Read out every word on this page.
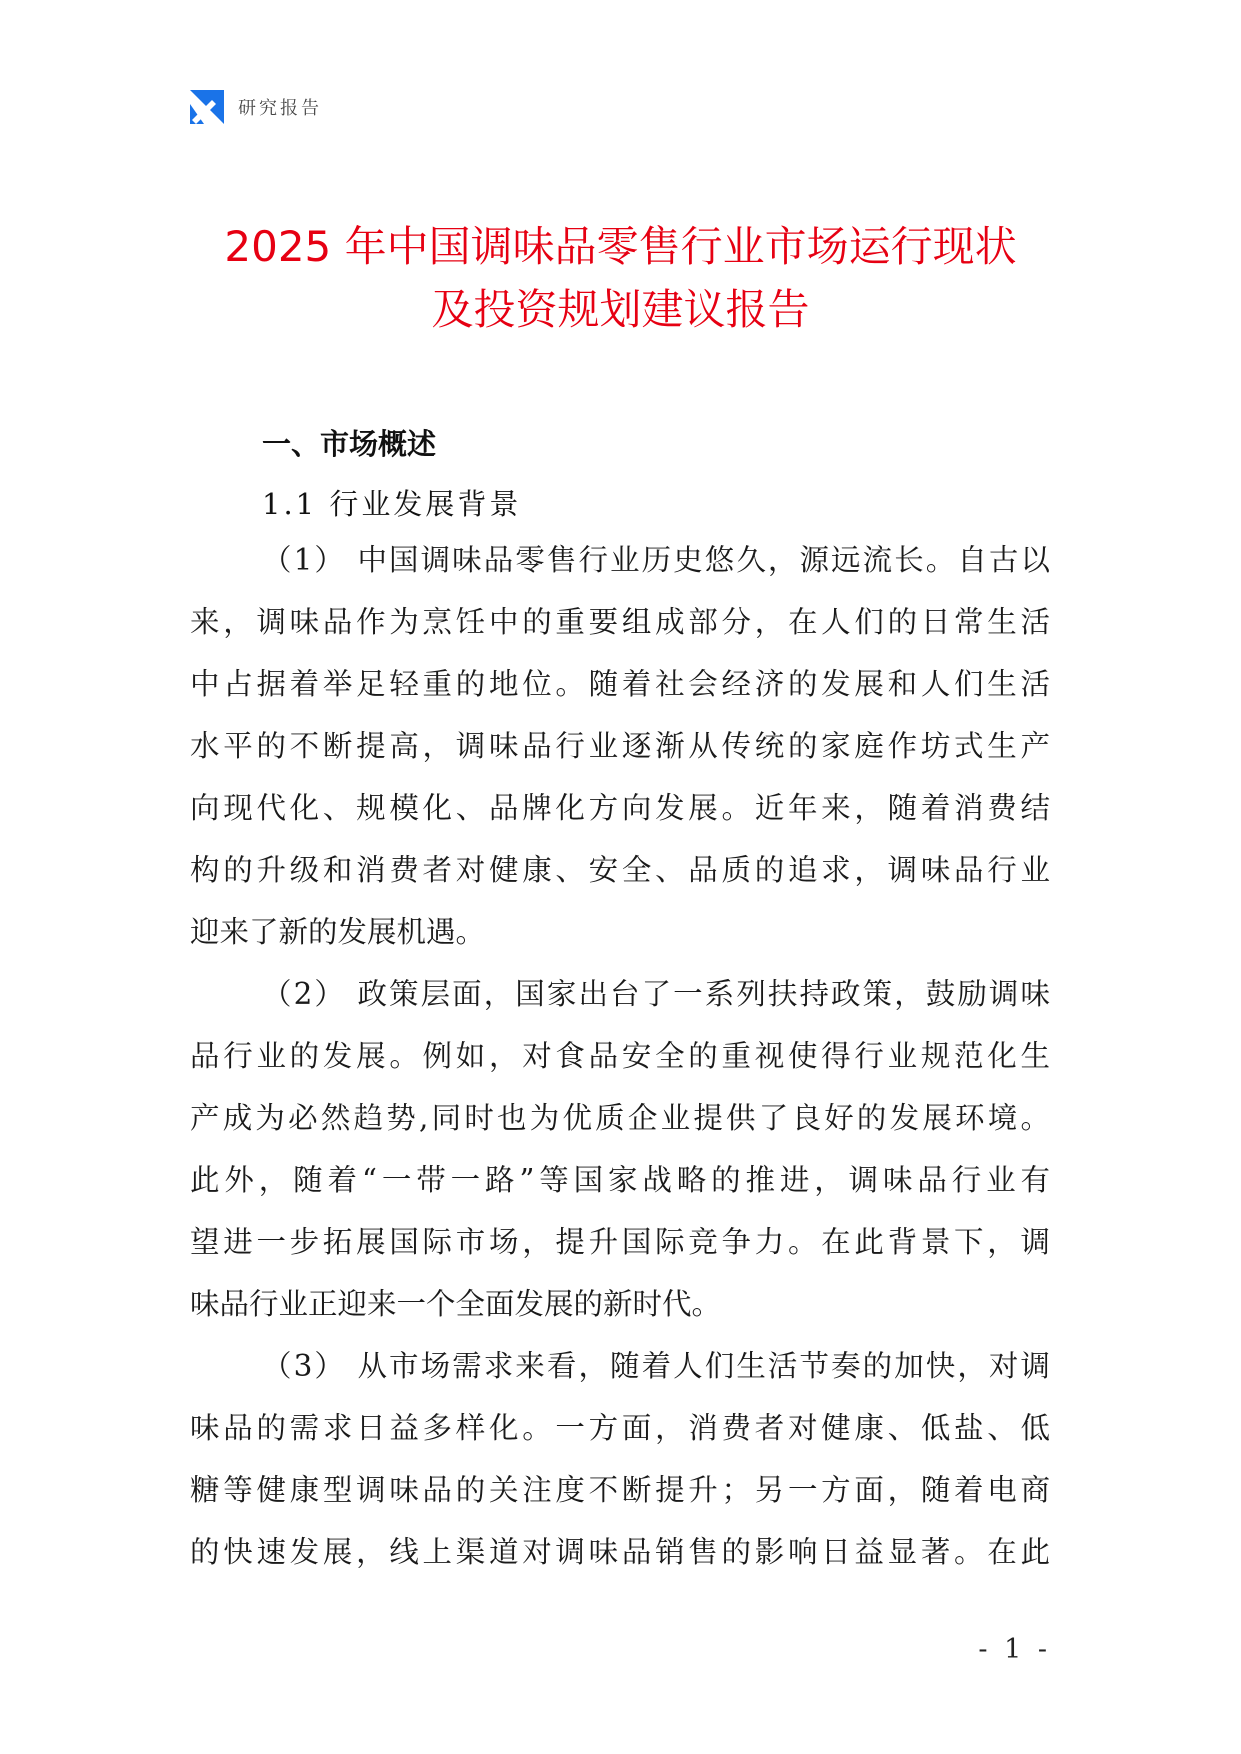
研究报告
2025 年中国调味品零售行业市场运行现状
及投资规划建议报告
一、市场概述
1.1 行业发展背景
（1） 中国调味品零售行业历史悠久，源远流长。自古以
来，调味品作为烹饪中的重要组成部分，在人们的日常生活
中占据着举足轻重的地位。随着社会经济的发展和人们生活
水平的不断提高，调味品行业逐渐从传统的家庭作坊式生产
向现代化、规模化、品牌化方向发展。近年来，随着消费结
构的升级和消费者对健康、安全、品质的追求，调味品行业
迎来了新的发展机遇。
（2） 政策层面，国家出台了一系列扶持政策，鼓励调味
品行业的发展。例如，对食品安全的重视使得行业规范化生
产成为必然趋势,同时也为优质企业提供了良好的发展环境。
此外，随着“一带一路”等国家战略的推进，调味品行业有
望进一步拓展国际市场，提升国际竞争力。在此背景下，调
味品行业正迎来一个全面发展的新时代。
（3） 从市场需求来看，随着人们生活节奏的加快，对调
味品的需求日益多样化。一方面，消费者对健康、低盐、低
糖等健康型调味品的关注度不断提升；另一方面，随着电商
的快速发展，线上渠道对调味品销售的影响日益显著。在此
- 1 -
